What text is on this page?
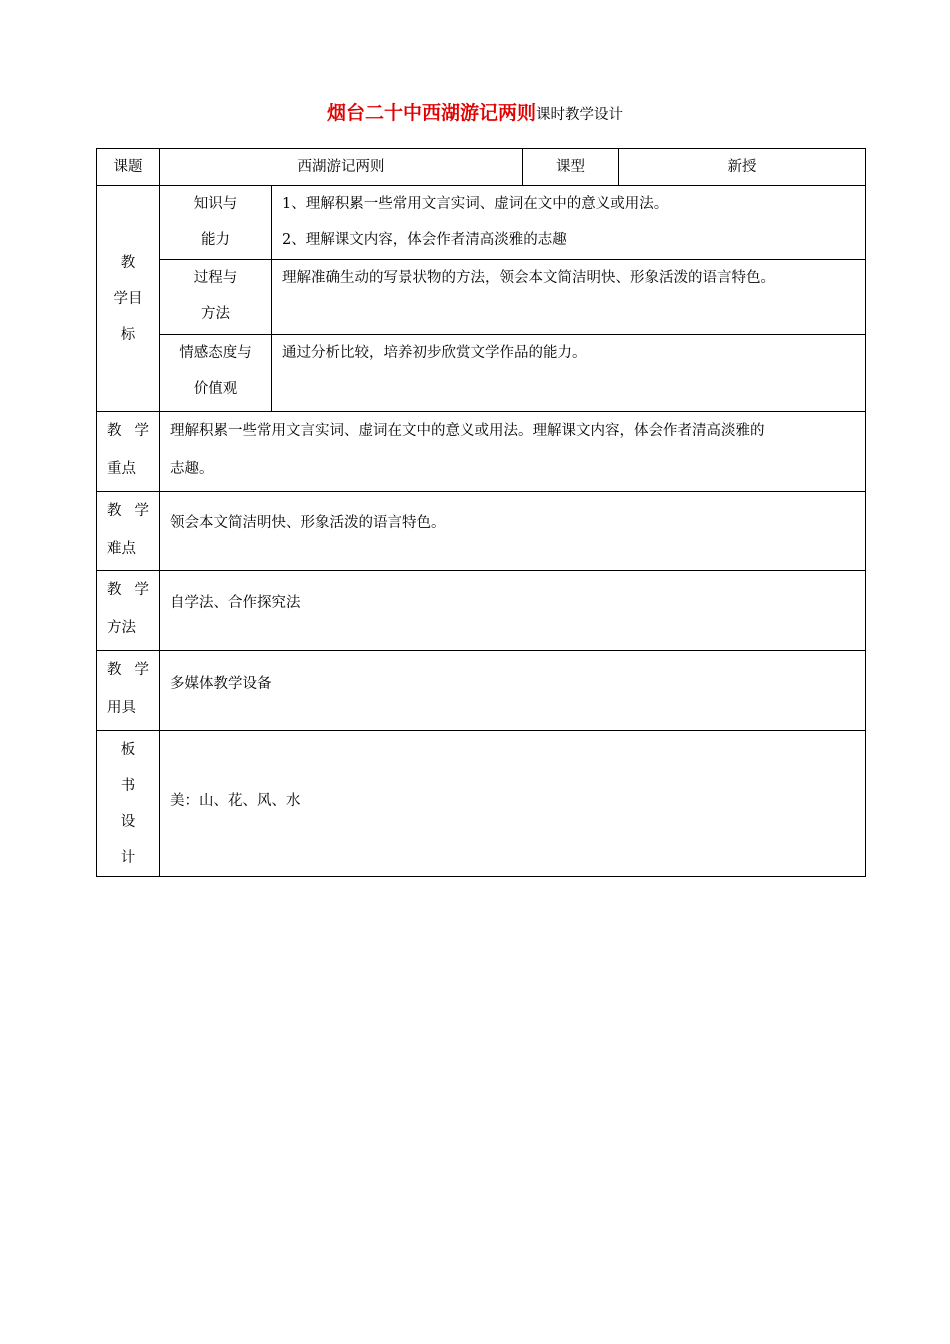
烟台二十中西湖游记两则课时教学设计
课题	西湖游记两则		课型	新授

教
学目
标	知识与
能力	1、理解积累一些常用文言实词、虚词在文中的意义或用法。
2、理解课文内容，体会作者清高淡雅的志趣		

	过程与
方法	理解准确生动的写景状物的方法，领会本文简洁明快、形象活泼的语言特色。		

	情感态度与
价值观	通过分析比较，培养初步欣赏文学作品的能力。		

教学
重点	理解积累一些常用文言实词、虚词在文中的意义或用法。理解课文内容，体会作者清高淡雅的
志趣。			

教学
难点	领会本文简洁明快、形象活泼的语言特色。			

教学
方法	自学法、合作探究法			

教学
用具	多媒体教学设备			

板
书
设
计	美：山、花、风、水			
